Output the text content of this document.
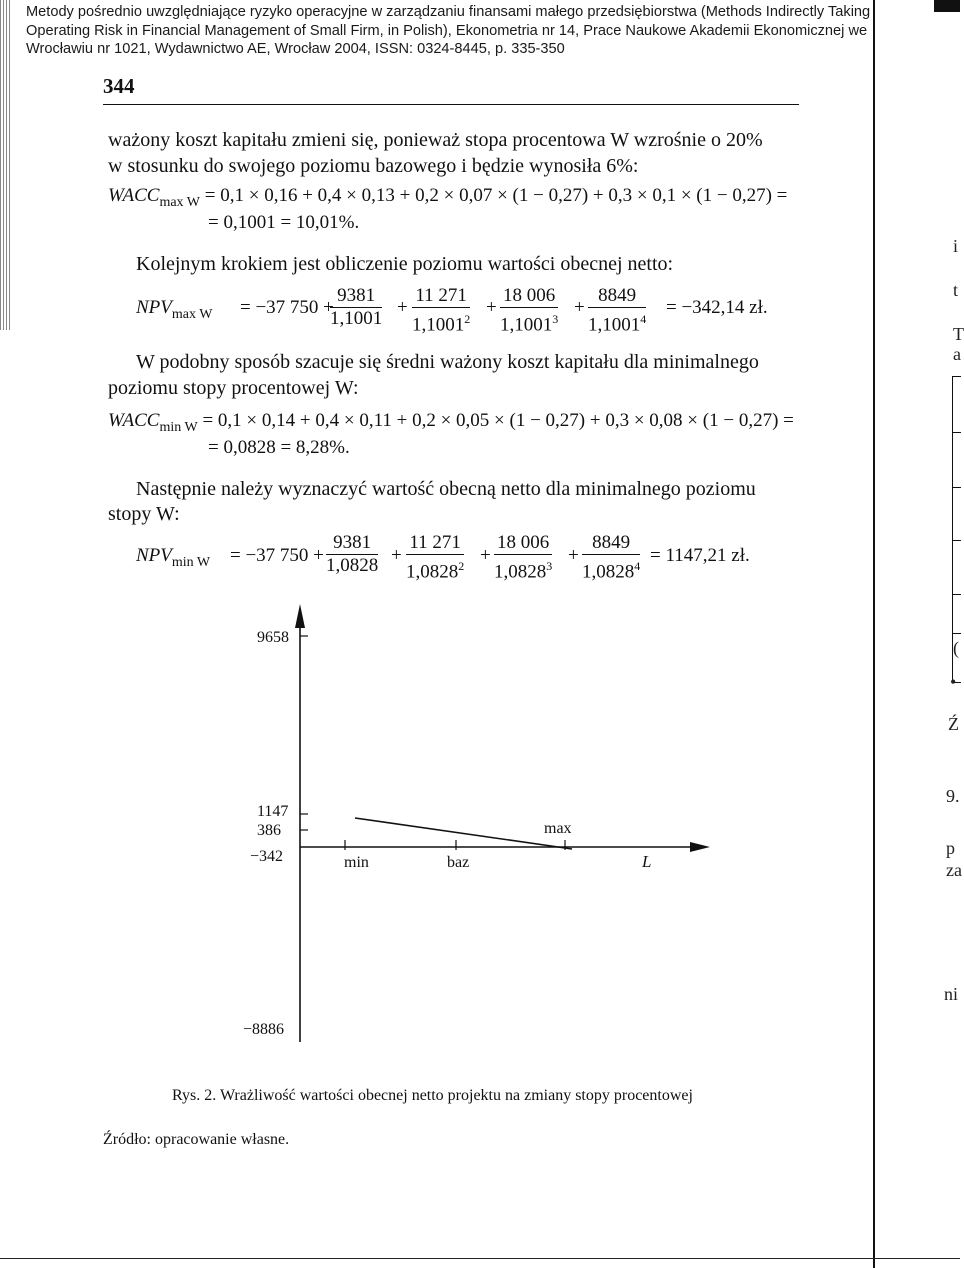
Metody pośrednio uwzględniające ryzyko operacyjne w zarządzaniu finansami małego przedsiębiorstwa (Methods Indirectly Taking
Operating Risk in Financial Management of Small Firm, in Polish), Ekonometria nr 14, Prace Naukowe Akademii Ekonomicznej we
Wrocławiu nr 1021, Wydawnictwo AE, Wrocław 2004, ISSN: 0324-8445, p. 335-350
344
ważony koszt kapitału zmieni się, ponieważ stopa procentowa W wzrośnie o 20%
w stosunku do swojego poziomu bazowego i będzie wynosiła 6%:
$WACC_{max W} = 0,1 \times 0,16 + 0,4 \times 0,13 + 0,2 \times 0,07 \times (1 - 0,27) + 0,3 \times 0,1 \times (1 - 0,27)$ =
= 0,1001 = 10,01%.
Kolejnym krokiem jest obliczenie poziomu wartości obecnej netto:
$NPV_{max W} = -37$ 750 +
$\frac{9381}{1,1001} + \frac{11 271}{1,1001^2} + \frac{18 006}{1,1001^3} + \frac{8849}{1,1001^4} = -342,14$ zł.
W podobny sposób szacuje się średni ważony koszt kapitału dla minimalnego
poziomu stopy procentowej W:
$WACC_{min W} = 0,1 \times 0,14 + 0,4 \times 0,11 + 0,2 \times 0,05 \times (1 - 0,27) + 0,3 \times 0,08 \times (1 - 0,27)$ =
= 0,0828 = 8,28%.
Następnie należy wyznaczyć wartość obecną netto dla minimalnego poziomu
stopy W:
$NPV_{min W} = -37$ $750 + \frac{9381}{1,0828} + \frac{11 271}{1,0828^2} + \frac{18 006}{1,0828^3} + \frac{8849}{1,0828^4} = 1147,21$ zł.
9658
1147
386
−342
−8886
min	baz
max
L
Rys. 2. Wrażliwość wartości obecnej netto projektu na zmiany stopy procentowej
Źródło: opracowanie własne.
i
t
T
a
(
•
Ź
9.
p
za
ni
